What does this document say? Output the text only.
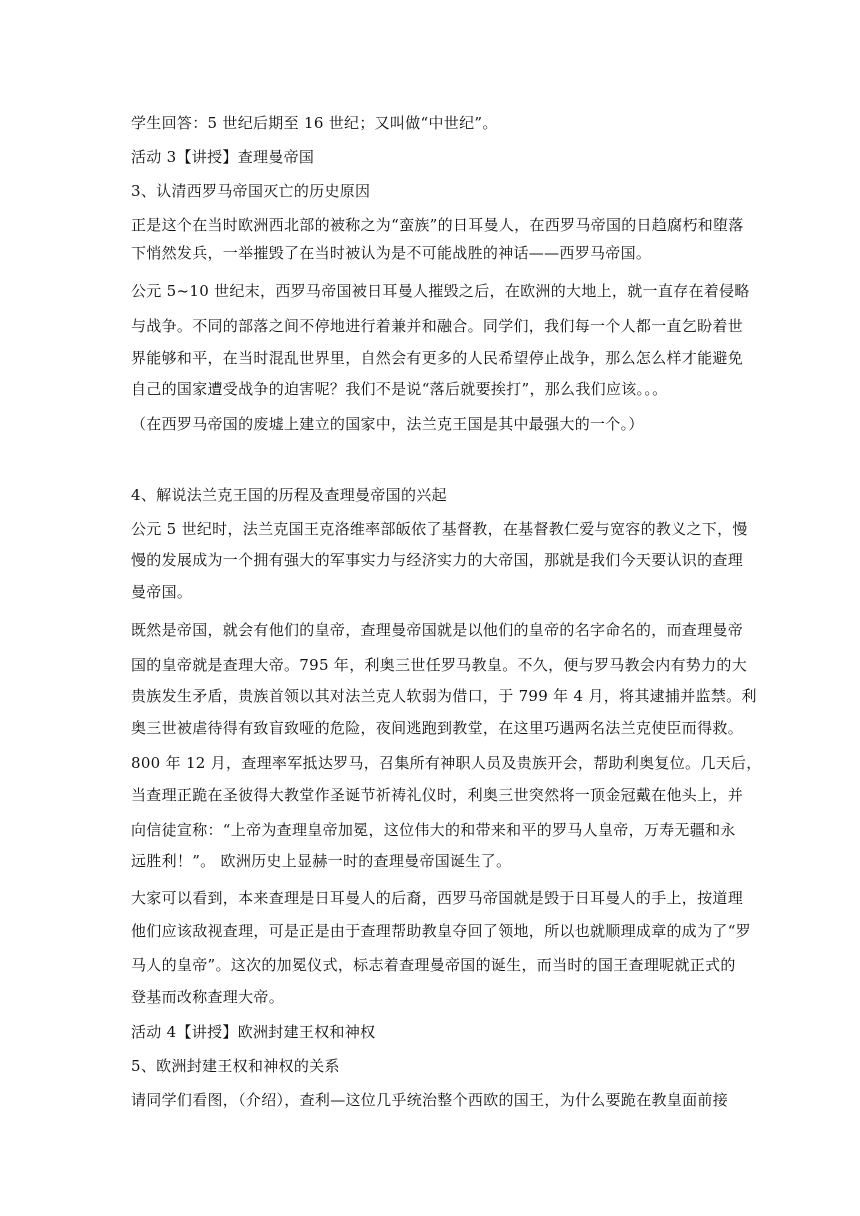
学生回答：5 世纪后期至 16 世纪；又叫做“中世纪”。
活动 3【讲授】查理曼帝国
3、认清西罗马帝国灭亡的历史原因
正是这个在当时欧洲西北部的被称之为“蛮族”的日耳曼人，在西罗马帝国的日趋腐朽和堕落
下悄然发兵，一举摧毁了在当时被认为是不可能战胜的神话——西罗马帝国。
公元 5~10 世纪末，西罗马帝国被日耳曼人摧毁之后，在欧洲的大地上，就一直存在着侵略
与战争。不同的部落之间不停地进行着兼并和融合。同学们，我们每一个人都一直乞盼着世
界能够和平，在当时混乱世界里，自然会有更多的人民希望停止战争，那么怎么样才能避免
自己的国家遭受战争的迫害呢？我们不是说“落后就要挨打”，那么我们应该。。。
（在西罗马帝国的废墟上建立的国家中，法兰克王国是其中最强大的一个。）
4、解说法兰克王国的历程及查理曼帝国的兴起
公元 5 世纪时，法兰克国王克洛维率部皈依了基督教，在基督教仁爱与宽容的教义之下，慢
慢的发展成为一个拥有强大的军事实力与经济实力的大帝国，那就是我们今天要认识的查理
曼帝国。
既然是帝国，就会有他们的皇帝，查理曼帝国就是以他们的皇帝的名字命名的，而查理曼帝
国的皇帝就是查理大帝。795 年，利奥三世任罗马教皇。不久，便与罗马教会内有势力的大
贵族发生矛盾，贵族首领以其对法兰克人软弱为借口，于 799 年 4 月，将其逮捕并监禁。利
奥三世被虐待得有致盲致哑的危险，夜间逃跑到教堂，在这里巧遇两名法兰克使臣而得救。
800 年 12 月，查理率军抵达罗马，召集所有神职人员及贵族开会，帮助利奥复位。几天后，
当查理正跪在圣彼得大教堂作圣诞节祈祷礼仪时，利奥三世突然将一顶金冠戴在他头上，并
向信徒宣称：“上帝为查理皇帝加冕，这位伟大的和带来和平的罗马人皇帝，万寿无疆和永
远胜利！”。 欧洲历史上显赫一时的查理曼帝国诞生了。
大家可以看到，本来查理是日耳曼人的后裔，西罗马帝国就是毁于日耳曼人的手上，按道理
他们应该敌视查理，可是正是由于查理帮助教皇夺回了领地，所以也就顺理成章的成为了“罗
马人的皇帝”。这次的加冕仪式，标志着查理曼帝国的诞生，而当时的国王查理呢就正式的
登基而改称查理大帝。
活动 4【讲授】欧洲封建王权和神权
5、欧洲封建王权和神权的关系
请同学们看图，（介绍），查利—这位几乎统治整个西欧的国王，为什么要跪在教皇面前接
